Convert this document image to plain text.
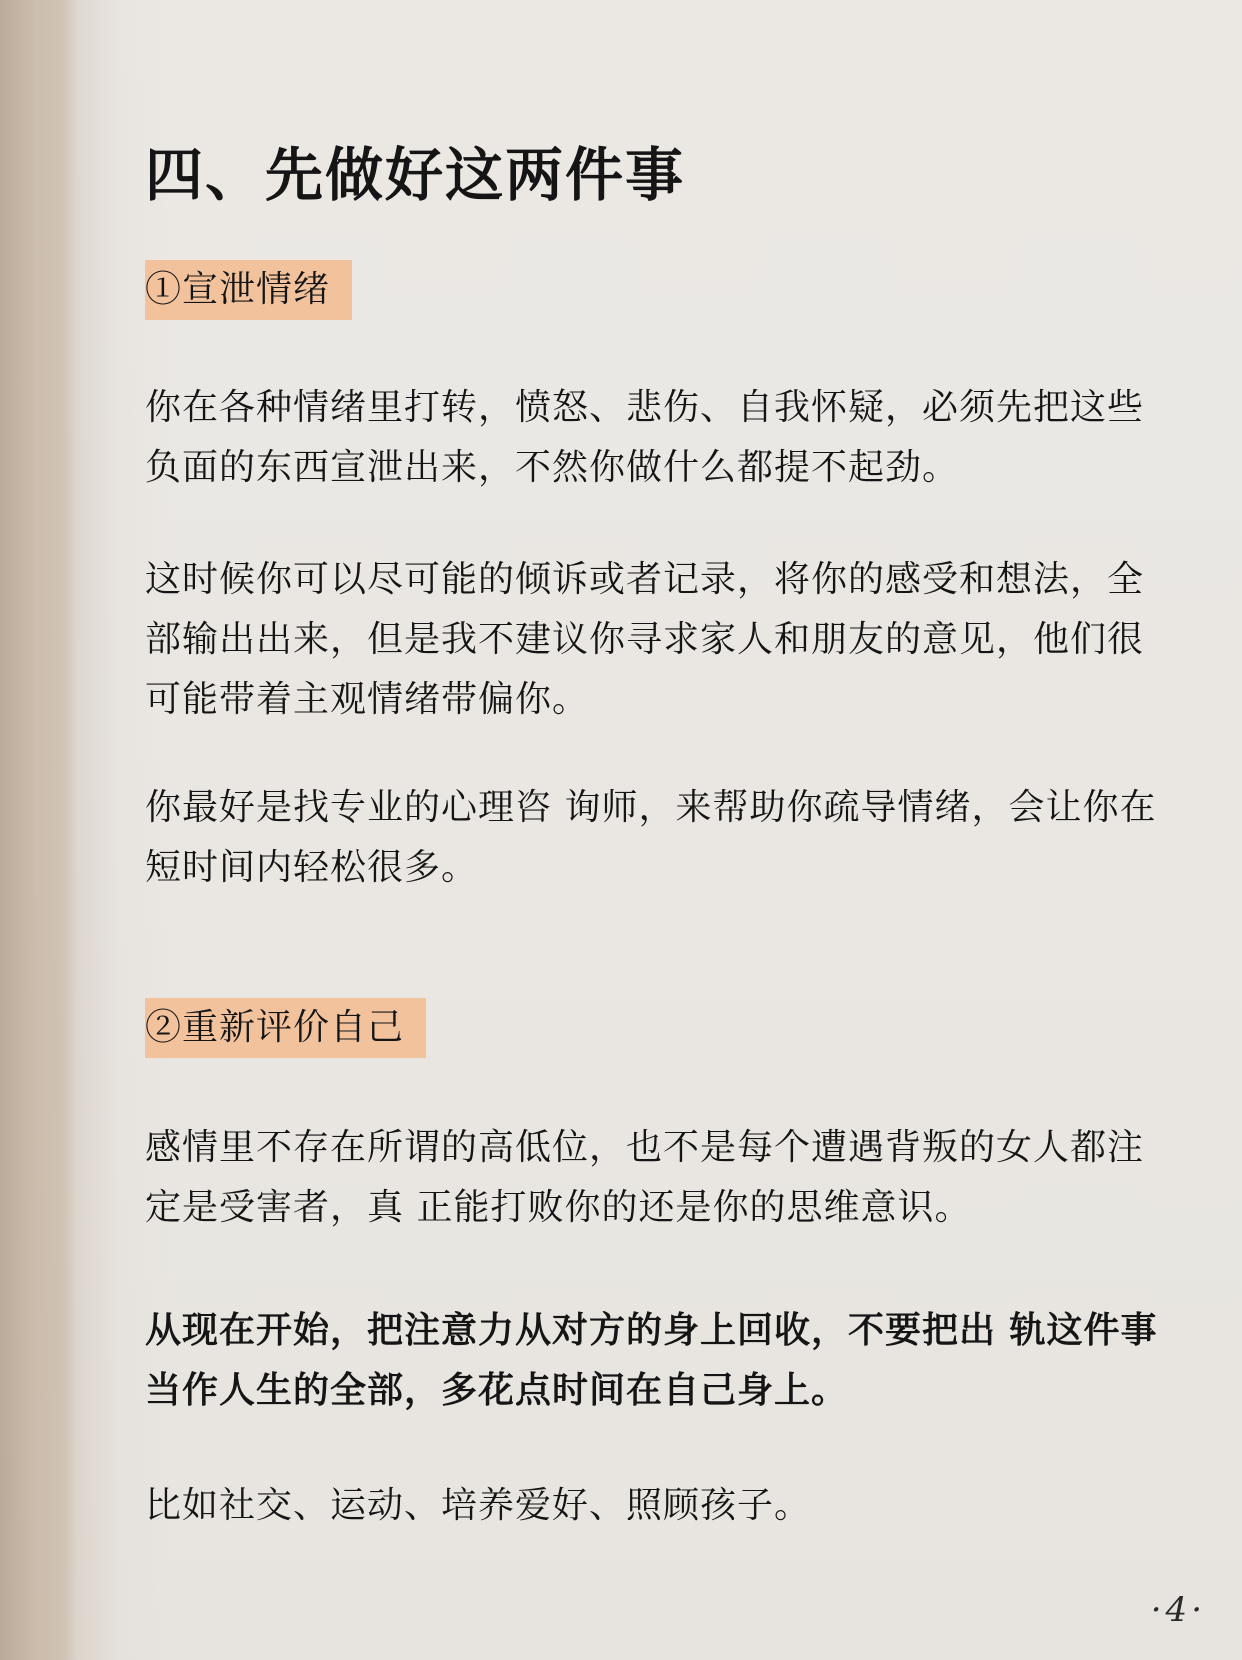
四、先做好这两件事
①宣泄情绪

你在各种情绪里打转，愤怒、悲伤、自我怀疑，必须先把这些负面的东西宣泄出来，不然你做什么都提不起劲。

这时候你可以尽可能的倾诉或者记录，将你的感受和想法，全部输出出来，但是我不建议你寻求家人和朋友的意见，他们很可能带着主观情绪带偏你。

你最好是找专业的心理咨 询师，来帮助你疏导情绪，会让你在短时间内轻松很多。

②重新评价自己

感情里不存在所谓的高低位，也不是每个遭遇背叛的女人都注定是受害者，真 正能打败你的还是你的思维意识。

从现在开始，把注意力从对方的身上回收，不要把出 轨这件事当作人生的全部，多花点时间在自己身上。

比如社交、运动、培养爱好、照顾孩子。

·4·
